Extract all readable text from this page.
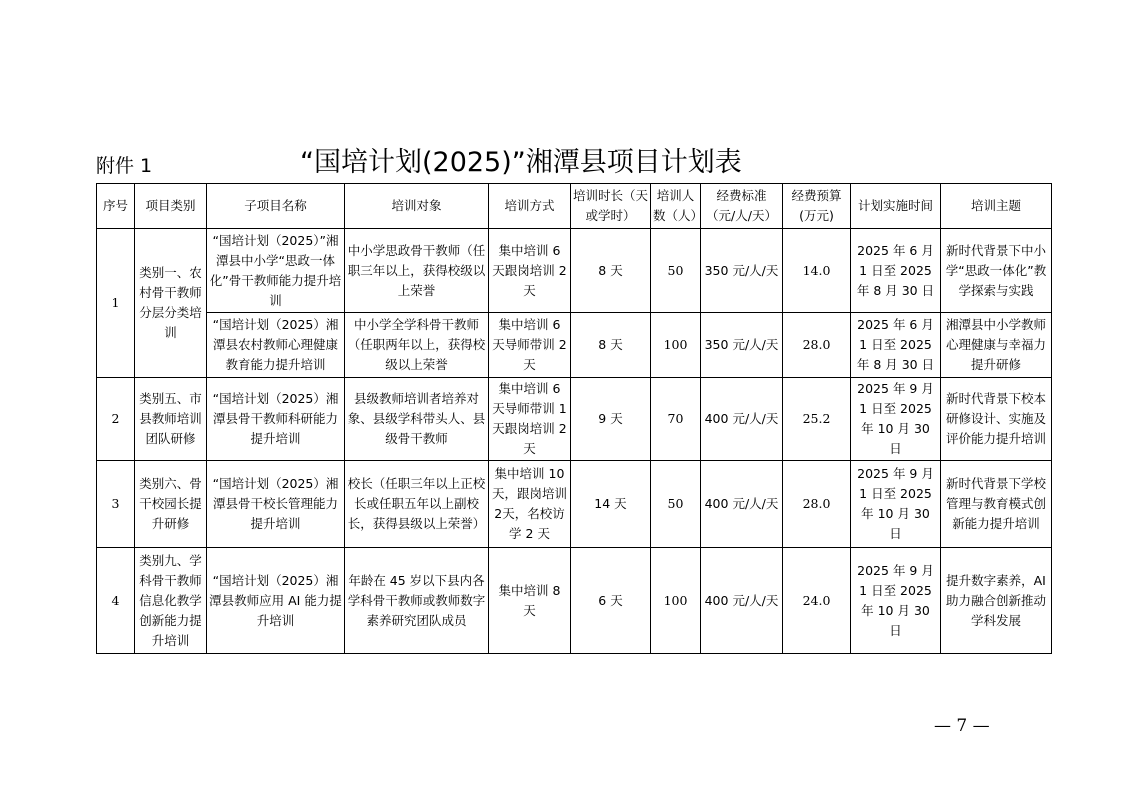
附件 1	“国培计划(2025)”湘潭县项目计划表
序号	项目类别	子项目名称	培训对象	培训方式	培训时长（天或学时）	培训人数（人）	经费标准（元/人/天）	经费预算(万元)	计划实施时间	培训主题
1	类别一、农村骨干教师分层分类培训	“国培计划（2025）”湘潭县中小学“思政一体化”骨干教师能力提升培训	中小学思政骨干教师（任职三年以上，获得校级以上荣誉	集中培训 6 天跟岗培训 2 天	8 天	50	350 元/人/天	14.0	2025 年 6 月 1 日至 2025 年 8 月 30 日	新时代背景下中小学“思政一体化”教学探索与实践
		“国培计划（2025）湘潭县农村教师心理健康教育能力提升培训	中小学全学科骨干教师（任职两年以上，获得校级以上荣誉	集中培训 6 天导师带训 2 天	8 天	100	350 元/人/天	28.0	2025 年 6 月 1 日至 2025 年 8 月 30 日	湘潭县中小学教师心理健康与幸福力提升研修
2	类别五、市县教师培训团队研修	“国培计划（2025）湘潭县骨干教师科研能力提升培训	县级教师培训者培养对象、县级学科带头人、县级骨干教师	集中培训 6 天导师带训 1 天跟岗培训 2 天	9 天	70	400 元/人/天	25.2	2025 年 9 月 1 日至 2025 年 10 月 30 日	新时代背景下校本研修设计、实施及评价能力提升培训
3	类别六、骨干校园长提升研修	“国培计划（2025）湘潭县骨干校长管理能力提升培训	校长（任职三年以上正校长或任职五年以上副校长，获得县级以上荣誉）	集中培训 10 天，跟岗培训 2天，名校访学 2 天	14 天	50	400 元/人/天	28.0	2025 年 9 月 1 日至 2025 年 10 月 30 日	新时代背景下学校管理与教育模式创新能力提升培训
4	类别九、学科骨干教师信息化教学创新能力提升培训	“国培计划（2025）湘潭县教师应用 AI 能力提升培训	年龄在 45 岁以下县内各学科骨干教师或教师数字素养研究团队成员	集中培训 8 天	6 天	100	400 元/人/天	24.0	2025 年 9 月 1 日至 2025 年 10 月 30 日	提升数字素养，AI 助力融合创新推动学科发展
— 7 —
